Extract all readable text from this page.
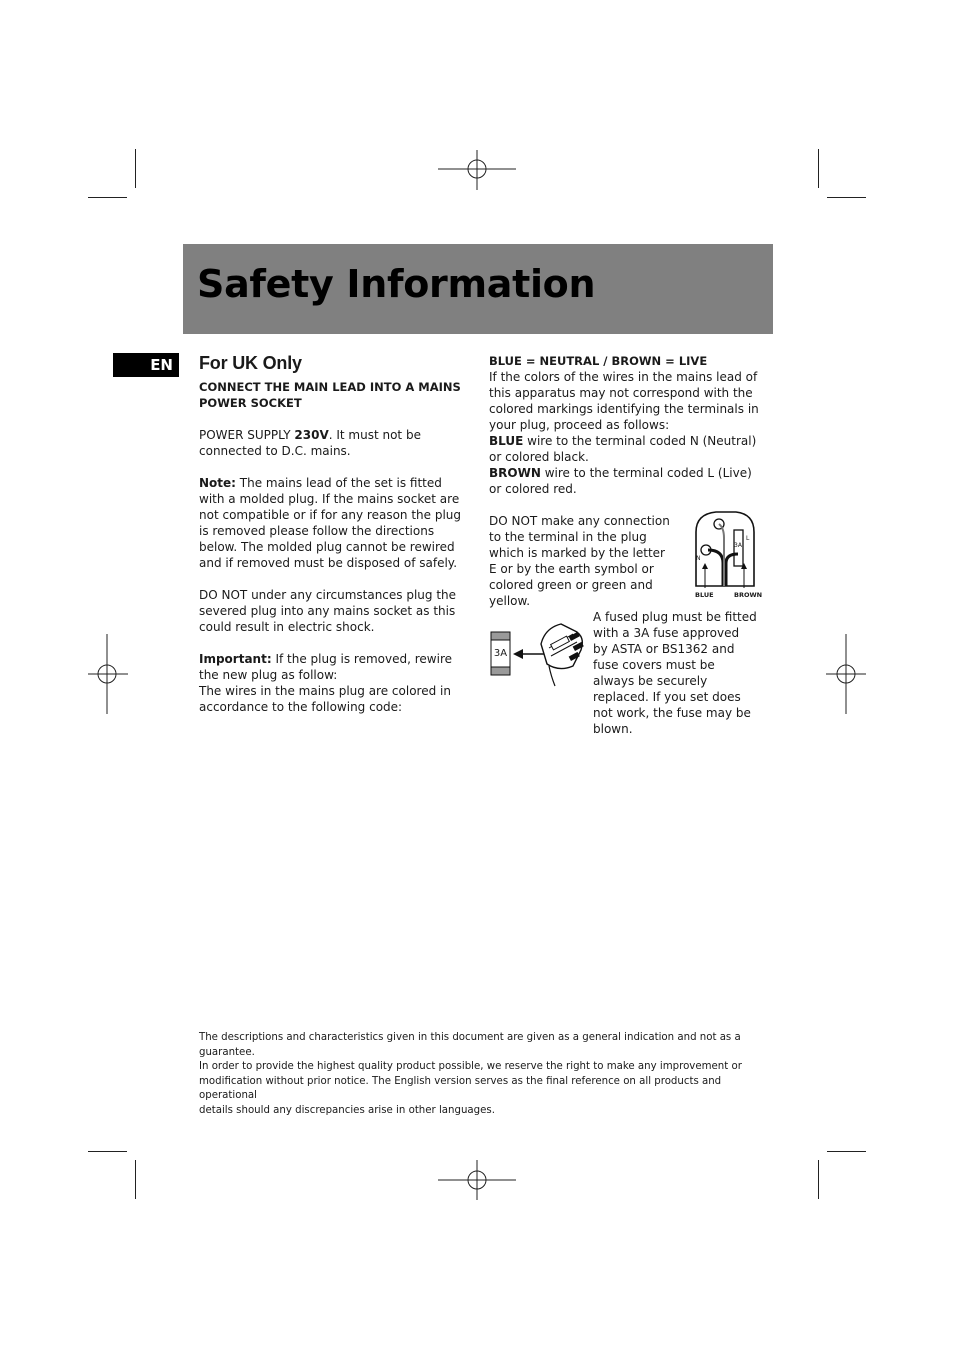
Safety Information
EN	For UK Only

CONNECT THE MAIN LEAD INTO A MAINS POWER SOCKET

POWER SUPPLY 230V. It must not be connected to D.C. mains.

Note: The mains lead of the set is fitted with a molded plug. If the mains socket are not compatible or if for any reason the plug is removed please follow the directions below. The molded plug cannot be rewired and if removed must be disposed of safely.

DO NOT under any circumstances plug the severed plug into any mains socket as this could result in electric shock.

Important: If the plug is removed, rewire the new plug as follow:

The wires in the mains plug are colored in accordance to the following code:

BLUE = NEUTRAL / BROWN = LIVE

If the colors of the wires in the mains lead of this apparatus may not correspond with the colored markings identifying the terminals in your plug, proceed as follows:

BLUE wire to the terminal coded N (Neutral) or colored black.

BROWN wire to the terminal coded L (Live) or colored red.

DO NOT make any connection to the terminal in the plug which is marked by the letter E or by the earth symbol or colored green or green and yellow.
N
3A
L
BLUE	BROWN
3A
A fused plug must be fitted with a 3A fuse approved by ASTA or BS1362 and fuse covers must be always be securely replaced. If you set does not work, the fuse may be blown.
The descriptions and characteristics given in this document are given as a general indication and not as a guarantee.
In order to provide the highest quality product possible, we reserve the right to make any improvement or
modification without prior notice. The English version serves as the final reference on all products and operational
details should any discrepancies arise in other languages.
